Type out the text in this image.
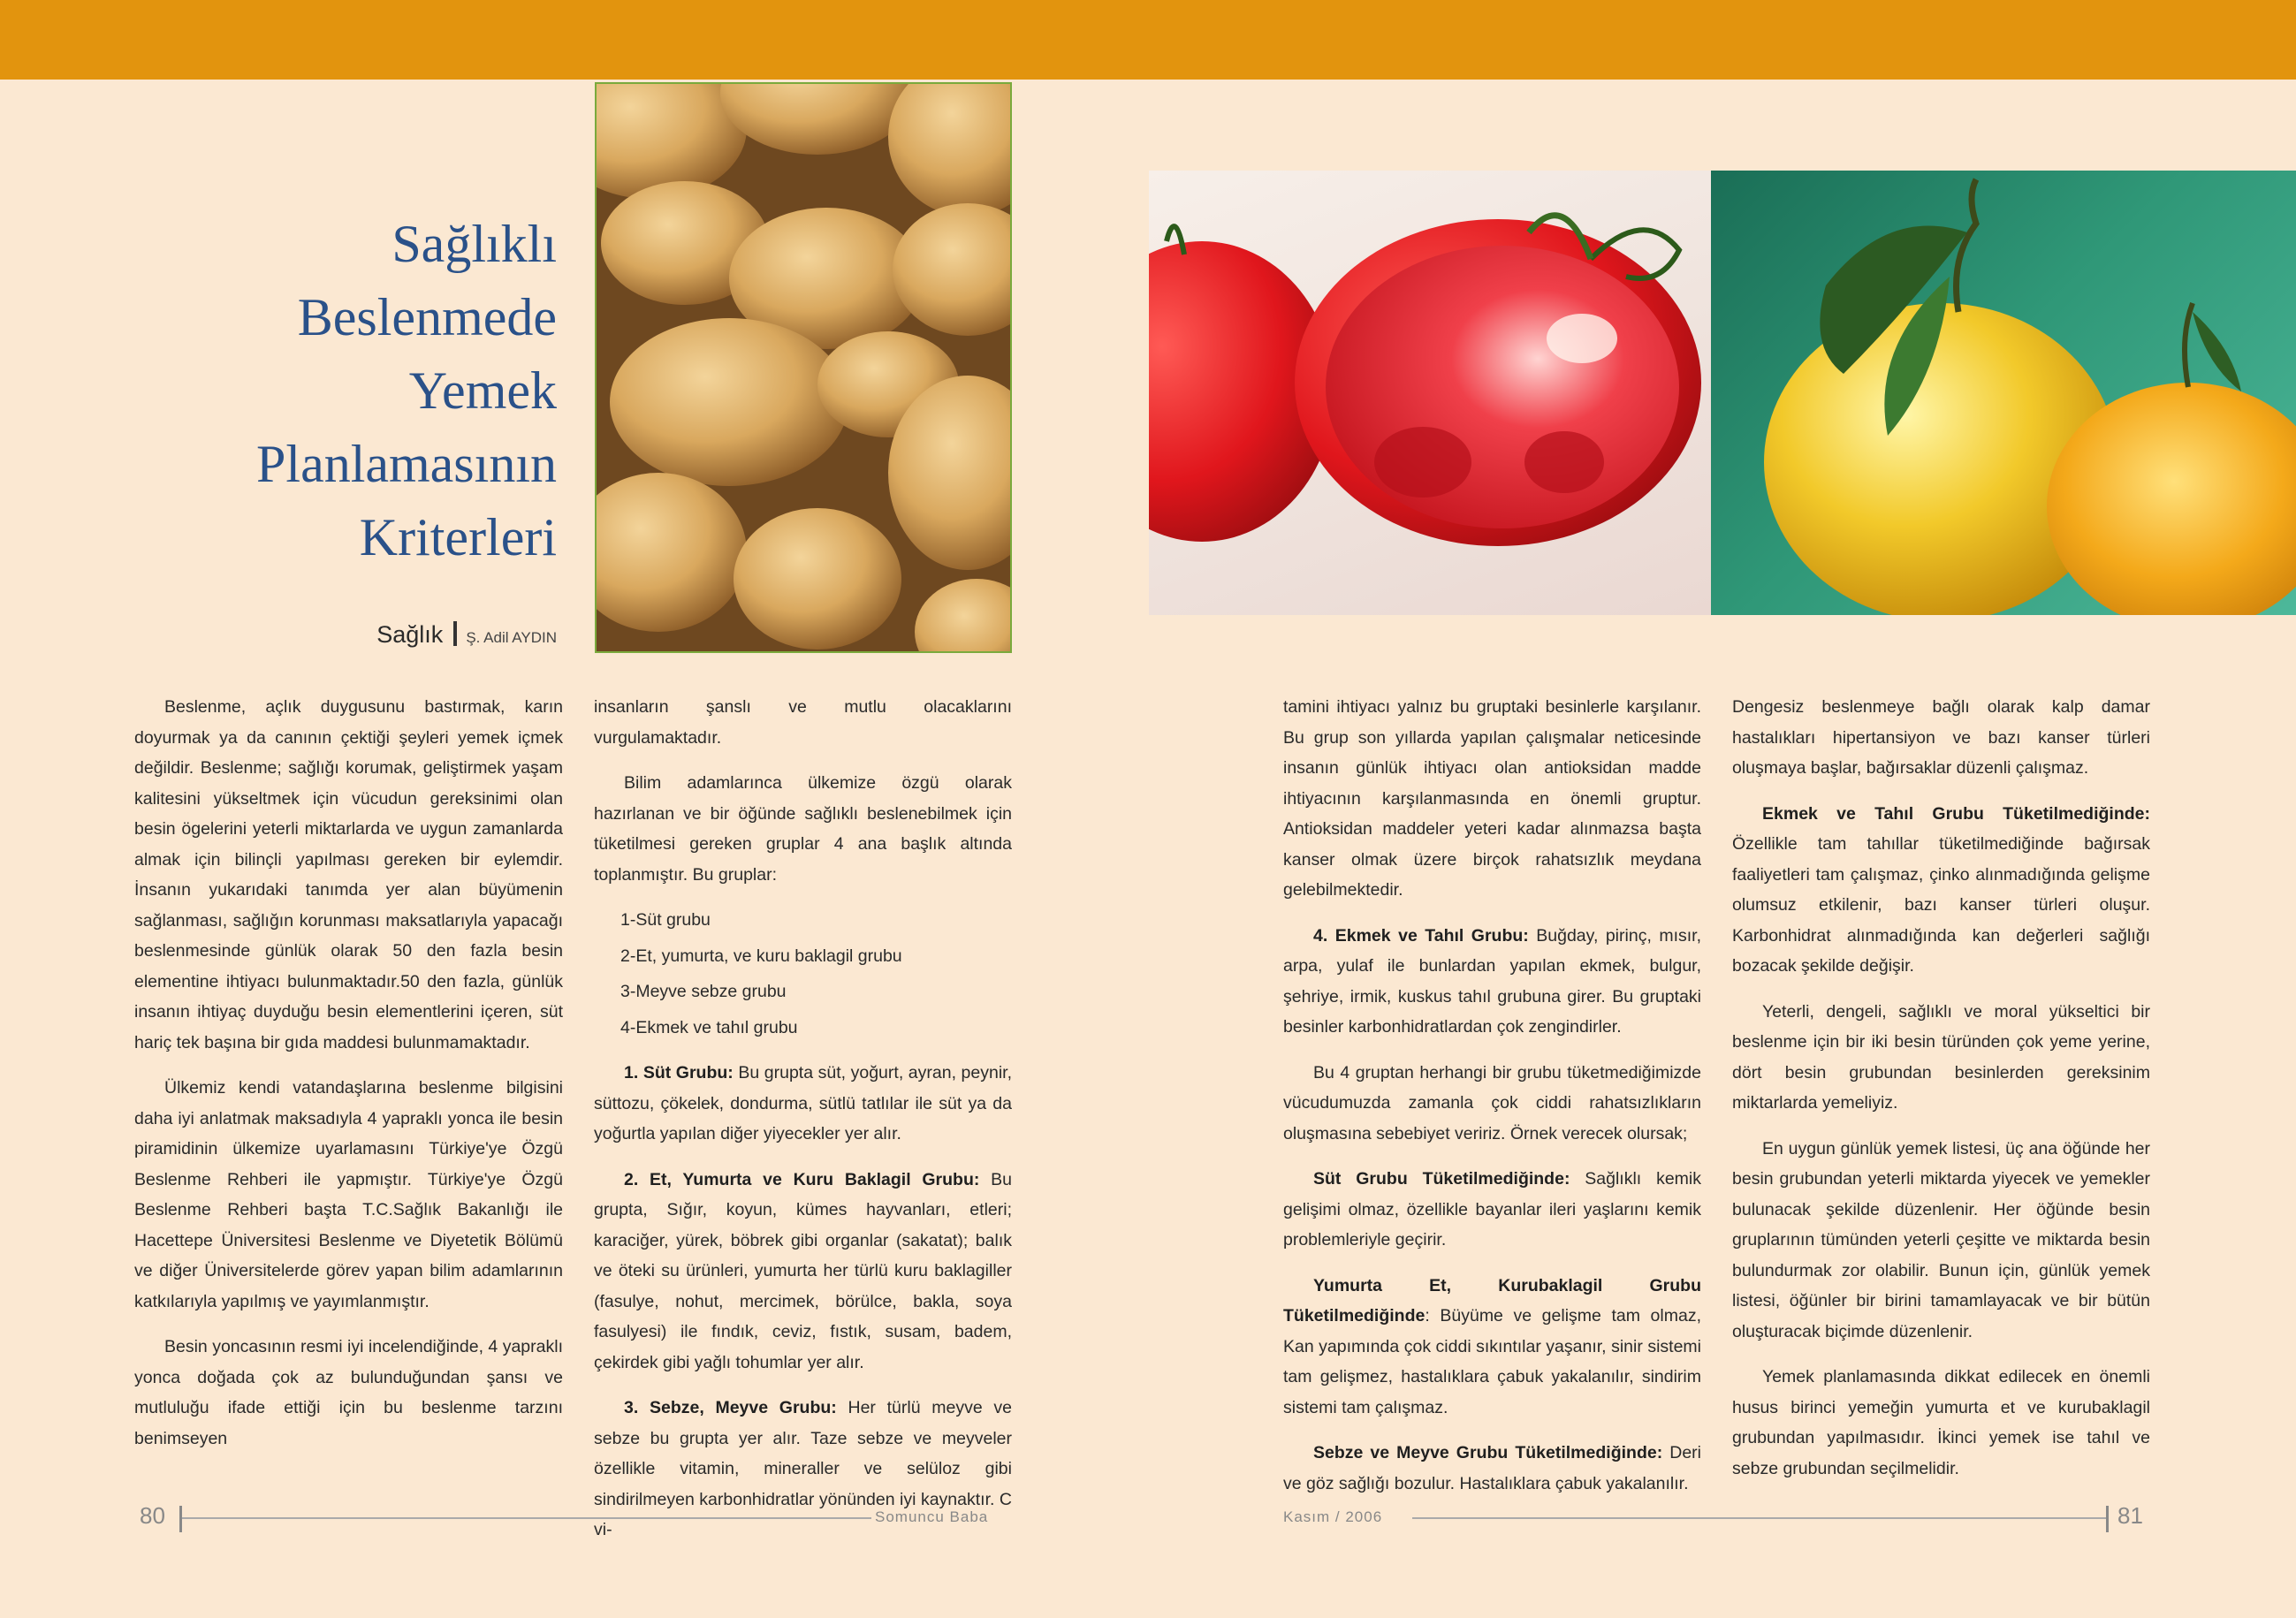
Sağlıklı
Beslenmede
Yemek
Planlamasının
Kriterleri
Sağlık Ş. Adil AYDIN

Beslenme, açlık duygusunu bastırmak, karın doyurmak ya da canının çektiği şeyleri yemek içmek değildir. Beslenme; sağlığı korumak, geliştirmek yaşam kalitesini yükseltmek için vücudun gereksinimi olan besin ögelerini yeterli miktarlarda ve uygun zamanlarda almak için bilinçli yapılması gereken bir eylemdir. İnsanın yukarıdaki tanımda yer alan büyümenin sağlanması, sağlığın korunması maksatlarıyla yapacağı beslenmesinde günlük olarak 50 den fazla besin elementine ihtiyacı bulunmaktadır.50 den fazla, günlük insanın ihtiyaç duyduğu besin elementlerini içeren, süt hariç tek başına bir gıda maddesi bulunmamaktadır.

Ülkemiz kendi vatandaşlarına beslenme bilgisini daha iyi anlatmak maksadıyla 4 yapraklı yonca ile besin piramidinin ülkemize uyarlamasını Türkiye'ye Özgü Beslenme Rehberi ile yapmıştır. Türkiye'ye Özgü Beslenme Rehberi başta T.C.Sağlık Bakanlığı ile Hacettepe Üniversitesi Beslenme ve Diyetetik Bölümü ve diğer Üniversitelerde görev yapan bilim adamlarının katkılarıyla yapılmış ve yayımlanmıştır.

Besin yoncasının resmi iyi incelendiğinde, 4 yapraklı yonca doğada çok az bulunduğundan şansı ve mutluluğu ifade ettiği için bu beslenme tarzını benimseyen

insanların şanslı ve mutlu olacaklarını vurgulamaktadır.

Bilim adamlarınca ülkemize özgü olarak hazırlanan ve bir öğünde sağlıklı beslenebilmek için tüketilmesi gereken gruplar 4 ana başlık altında toplanmıştır. Bu gruplar:

1-Süt grubu
2-Et, yumurta, ve kuru baklagil grubu
3-Meyve sebze grubu
4-Ekmek ve tahıl grubu

1. Süt Grubu: Bu grupta süt, yoğurt, ayran, peynir, süttozu, çökelek, dondurma, sütlü tatlılar ile süt ya da yoğurtla yapılan diğer yiyecekler yer alır.

2. Et, Yumurta ve Kuru Baklagil Grubu: Bu grupta, Sığır, koyun, kümes hayvanları, etleri; karaciğer, yürek, böbrek gibi organlar (sakatat); balık ve öteki su ürünleri, yumurta her türlü kuru baklagiller (fasulye, nohut, mercimek, börülce, bakla, soya fasulyesi) ile fındık, ceviz, fıstık, susam, badem, çekirdek gibi yağlı tohumlar yer alır.

3. Sebze, Meyve Grubu: Her türlü meyve ve sebze bu grupta yer alır. Taze sebze ve meyveler özellikle vitamin, mineraller ve selüloz gibi sindirilmeyen karbonhidratlar yönünden iyi kaynaktır. C vi-

tamini ihtiyacı yalnız bu gruptaki besinlerle karşılanır. Bu grup son yıllarda yapılan çalışmalar neticesinde insanın günlük ihtiyacı olan antioksidan madde ihtiyacının karşılanmasında en önemli gruptur. Antioksidan maddeler yeteri kadar alınmazsa başta kanser olmak üzere birçok rahatsızlık meydana gelebilmektedir.

4. Ekmek ve Tahıl Grubu: Buğday, pirinç, mısır, arpa, yulaf ile bunlardan yapılan ekmek, bulgur, şehriye, irmik, kuskus tahıl grubuna girer. Bu gruptaki besinler karbonhidratlardan çok zengindirler.

Bu 4 gruptan herhangi bir grubu tüketmediğimizde vücudumuzda zamanla çok ciddi rahatsızlıkların oluşmasına sebebiyet veririz. Örnek verecek olursak;

Süt Grubu Tüketilmediğinde: Sağlıklı kemik gelişimi olmaz, özellikle bayanlar ileri yaşlarını kemik problemleriyle geçirir.

Yumurta Et, Kurubaklagil Grubu Tüketilmediğinde: Büyüme ve gelişme tam olmaz, Kan yapımında çok ciddi sıkıntılar yaşanır, sinir sistemi tam gelişmez, hastalıklara çabuk yakalanılır, sindirim sistemi tam çalışmaz.

Sebze ve Meyve Grubu Tüketilmediğinde: Deri ve göz sağlığı bozulur. Hastalıklara çabuk yakalanılır.

Dengesiz beslenmeye bağlı olarak kalp damar hastalıkları hipertansiyon ve bazı kanser türleri oluşmaya başlar, bağırsaklar düzenli çalışmaz.

Ekmek ve Tahıl Grubu Tüketilmediğinde: Özellikle tam tahıllar tüketilmediğinde bağırsak faaliyetleri tam çalışmaz, çinko alınmadığında gelişme olumsuz etkilenir, bazı kanser türleri oluşur. Karbonhidrat alınmadığında kan değerleri sağlığı bozacak şekilde değişir.

Yeterli, dengeli, sağlıklı ve moral yükseltici bir beslenme için bir iki besin türünden çok yeme yerine, dört besin grubundan besinlerden gereksinim miktarlarda yemeliyiz.

En uygun günlük yemek listesi, üç ana öğünde her besin grubundan yeterli miktarda yiyecek ve yemekler bulunacak şekilde düzenlenir. Her öğünde besin gruplarının tümünden yeterli çeşitte ve miktarda besin bulundurmak zor olabilir. Bunun için, günlük yemek listesi, öğünler bir birini tamamlayacak ve bir bütün oluşturacak biçimde düzenlenir.

Yemek planlamasında dikkat edilecek en önemli husus birinci yemeğin yumurta et ve kurubaklagil grubundan yapılmasıdır. İkinci yemek ise tahıl ve sebze grubundan seçilmelidir.

80	Somuncu Baba	Kasım / 2006	81
